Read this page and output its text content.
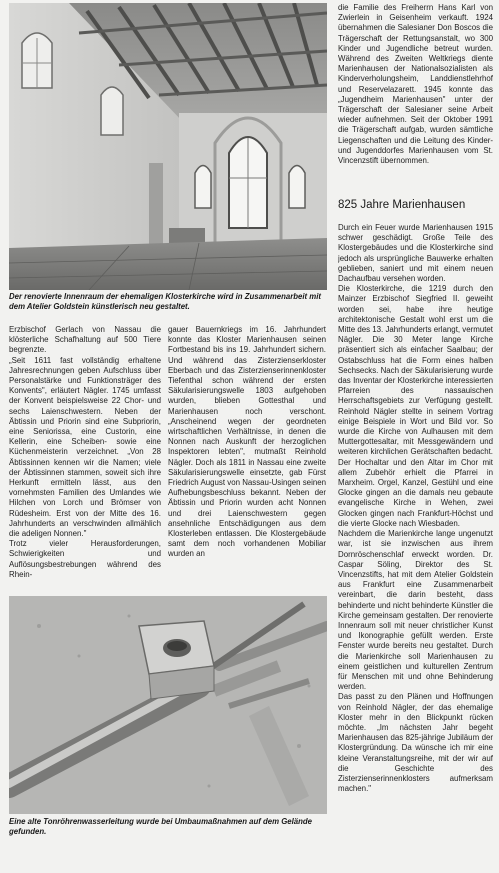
Der renovierte Innenraum der ehemaligen Klosterkirche wird in Zusammenarbeit mit dem Atelier Goldstein künstlerisch neu gestaltet.

Erzbischof Gerlach von Nassau die klösterliche Schafhaltung auf 500 Tiere begrenzte.

„Seit 1611 fast vollständig erhaltene Jahresrechnungen geben Aufschluss über Personalstärke und Funktionsträger des Konvents", erläutert Nägler. 1745 umfasst der Konvent beispielsweise 22 Chor- und sechs Laienschwestern. Neben der Äbtissin und Priorin sind eine Subpriorin, eine Seniorissa, eine Custorin, eine Kellerin, eine Scheiben- sowie eine Küchenmeisterin verzeichnet. „Von 28 Äbtissinnen kennen wir die Namen; viele der Äbtissinnen stammen, soweit sich ihre Herkunft ermitteln lässt, aus den vornehmsten Familien des Umlandes wie Hilchen von Lorch und Brömser von Rüdesheim. Erst von der Mitte des 16. Jahrhunderts an verschwinden allmählich die adeligen Nonnen."

Trotz vieler Herausforderungen, Schwierigkeiten und Auflösungsbestrebungen während des Rhein-

gauer Bauernkriegs im 16. Jahrhundert konnte das Kloster Marienhausen seinen Fortbestand bis ins 19. Jahrhundert sichern. Und während das Zisterzienserkloster Eberbach und das Zisterzienserinnenkloster Tiefenthal schon während der ersten Säkularisierungswelle 1803 aufgehoben wurden, blieben Gottesthal und Marienhausen noch verschont. „Anscheinend wegen der geordneten wirtschaftlichen Verhältnisse, in denen die Nonnen nach Auskunft der herzoglichen Inspektoren lebten", mutmaßt Reinhold Nägler. Doch als 1811 in Nassau eine zweite Säkularisierungswelle einsetzte, gab Fürst Friedrich August von Nassau-Usingen seinen Aufhebungsbeschluss bekannt. Neben der Äbtissin und Priorin wurden acht Nonnen und drei Laienschwestern gegen ansehnliche Entschädigungen aus dem Klosterleben entlassen. Die Klostergebäude samt dem noch vorhandenen Mobiliar wurden an

Eine alte Tonröhrenwasserleitung wurde bei Umbaumaßnahmen auf dem Gelände gefunden.

die Familie des Freiherrn Hans Karl von Zwierlein in Geisenheim verkauft. 1924 übernahmen die Salesianer Don Boscos die Trägerschaft der Rettungsanstalt, wo 300 Kinder und Jugendliche betreut wurden. Während des Zweiten Weltkriegs diente Marienhausen der Nationalsozialisten als Kinderverholungsheim, Landdienstlehrhof und Reservelazarett. 1945 konnte das „Jugendheim Marienhausen" unter der Trägerschaft der Salesianer seine Arbeit wieder aufnehmen. Seit der Oktober 1991 die Trägerschaft aufgab, wurden sämtliche Liegenschaften und die Leitung des Kinder- und Jugenddorfes Marienhausen vom St. Vincenzstift übernommen.

825 Jahre Marienhausen

Durch ein Feuer wurde Marienhausen 1915 schwer geschädigt. Große Teile des Klostergebäudes und die Klosterkirche sind jedoch als ursprüngliche Bauwerke erhalten geblieben, saniert und mit einem neuen Dachaufbau versehen worden.

Die Klosterkirche, die 1219 durch den Mainzer Erzbischof Siegfried II. geweiht worden sei, habe ihre heutige architektonische Gestalt wohl erst um die Mitte des 13. Jahrhunderts erlangt, vermutet Nägler. Die 30 Meter lange Kirche präsentiert sich als einfacher Saalbau; der Ostabschluss hat die Form eines halben Sechsecks. Nach der Säkularisierung wurde das Inventar der Klosterkirche interessierten Pfarreien des nassauischen Herrschaftsgebiets zur Verfügung gestellt. Reinhold Nägler stellte in seinem Vortrag einige Beispiele in Wort und Bild vor. So wurde die Kirche von Aulhausen mit dem Muttergottesaltar, mit Messgewändern und weiteren kirchlichen Gerätschaften bedacht. Der Hochaltar und den Altar im Chor mit allem Zubehör erhielt die Pfarrei in Marxheim. Orgel, Kanzel, Gestühl und eine Glocke gingen an die damals neu gebaute evangelische Kirche in Wehen, zwei Glocken gingen nach Frankfurt-Höchst und die vierte Glocke nach Wiesbaden.

Nachdem die Marienkirche lange ungenutzt war, ist sie inzwischen aus ihrem Dornröschenschlaf erweckt worden. Dr. Caspar Söling, Direktor des St. Vincenzstifts, hat mit dem Atelier Goldstein aus Frankfurt eine Zusammenarbeit vereinbart, die darin besteht, dass behinderte und nicht behinderte Künstler die Kirche gemeinsam gestalten. Der renovierte Innenraum soll mit neuer christlicher Kunst und Ikonographie gefüllt werden. Erste Fenster wurde bereits neu gestaltet. Durch die Marienkirche soll Marienhausen zu einem geistlichen und kulturellen Zentrum für Menschen mit und ohne Behinderung werden.

Das passt zu den Plänen und Hoffnungen von Reinhold Nägler, der das ehemalige Kloster mehr in den Blickpunkt rücken möchte. „Im nächsten Jahr begeht Marienhausen das 825-jährige Jubiläum der Klostergründung. Da wünsche ich mir eine kleine Veranstaltungsreihe, mit der wir auf die Geschichte des Zisterzienserinnenklosters aufmerksam machen."
